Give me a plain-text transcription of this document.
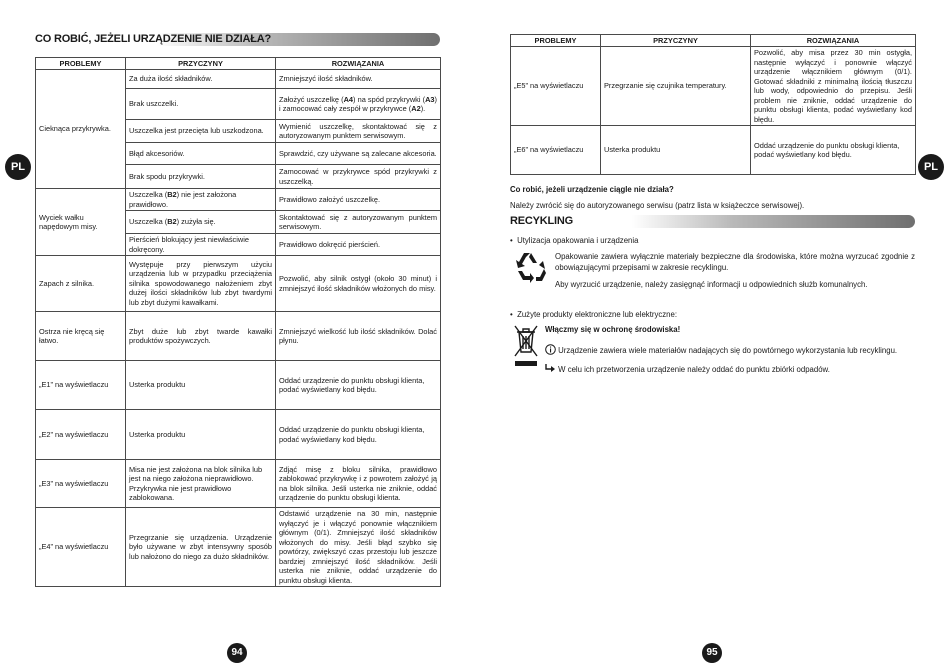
CO ROBIĆ, JEŻELI URZĄDZENIE NIE DZIAŁA?
PROBLEMY	PRZYCZYNY	ROZWIĄZANIA
Cieknąca przykrywka.	Za duża ilość składników.	Zmniejszyć ilość składników.
	Brak uszczelki.	Założyć uszczelkę (A4) na spód przykrywki (A3) i zamocować cały zespół w przykrywce (A2).
	Uszczelka jest przecięta lub uszkodzona.	Wymienić uszczelkę, skontaktować się z autoryzowanym punktem serwisowym.
	Błąd akcesoriów.	Sprawdzić, czy używane są zalecane akcesoria.
	Brak spodu przykrywki.	Zamocować w przykrywce spód przykrywki z uszczelką.
Wyciek wałku napędowym misy.	Uszczelka (B2) nie jest założona prawidłowo.	Prawidłowo założyć uszczelkę.
	Uszczelka (B2) zużyła się.	Skontaktować się z autoryzowanym punktem serwisowym.
	Pierścień blokujący jest niewłaściwie dokręcony.	Prawidłowo dokręcić pierścień.
Zapach z silnika.	Występuje przy pierwszym użyciu urządzenia lub w przypadku przeciążenia silnika spowodowanego nałożeniem zbyt dużej ilości składników lub zbyt twardymi lub zbyt dużymi kawałkami.	Pozwolić, aby silnik ostygł (około 30 minut) i zmniejszyć ilość składników włożonych do misy.
Ostrza nie kręcą się łatwo.	Zbyt duże lub zbyt twarde kawałki produktów spożywczych.	Zmniejszyć wielkość lub ilość składników. Dolać płynu.
„E1” na wyświetlaczu	Usterka produktu	Oddać urządzenie do punktu obsługi klienta, podać wyświetlany kod błędu.
„E2” na wyświetlaczu	Usterka produktu	Oddać urządzenie do punktu obsługi klienta, podać wyświetlany kod błędu.
„E3” na wyświetlaczu	Misa nie jest założona na blok silnika lub jest na niego założona nieprawidłowo. Przykrywka nie jest prawidłowo zablokowana.	Zdjąć misę z bloku silnika, prawidłowo zablokować przykrywkę i z powrotem założyć ją na blok silnika. Jeśli usterka nie zniknie, oddać urządzenie do punktu obsługi klienta.
„E4” na wyświetlaczu	Przegrzanie się urządzenia. Urządzenie było używane w zbyt intensywny sposób lub nałożono do niego za dużo składników.	Odstawić urządzenie na 30 min, następnie wyłączyć je i włączyć ponownie włącznikiem głównym (0/1). Zmniejszyć ilość składników włożonych do misy. Jeśli błąd szybko się powtórzy, zwiększyć czas przestoju lub jeszcze bardziej zmniejszyć ilość składników. Jeśli usterka nie zniknie, oddać urządzenie do punktu obsługi klienta.
PL
94
PROBLEMY	PRZYCZYNY	ROZWIĄZANIA
„E5” na wyświetlaczu	Przegrzanie się czujnika temperatury.	Pozwolić, aby misa przez 30 min ostygła, następnie wyłączyć i ponownie włączyć urządzenie włącznikiem głównym (0/1). Gotować składniki z minimalną ilością tłuszczu lub wody, odpowiednio do przepisu. Jeśli problem nie zniknie, oddać urządzenie do punktu obsługi klienta, podać wyświetlany kod błędu.
„E6” na wyświetlaczu	Usterka produktu	Oddać urządzenie do punktu obsługi klienta, podać wyświetlany kod błędu.
Co robić, jeżeli urządzenie ciągle nie działa?
Należy zwrócić się do autoryzowanego serwisu (patrz lista w książeczce serwisowej).
RECYKLING
• Utylizacja opakowania i urządzenia
Opakowanie zawiera wyłącznie materiały bezpieczne dla środowiska, które można wyrzucać zgodnie z obowiązującymi przepisami w zakresie recyklingu.
Aby wyrzucić urządzenie, należy zasięgnąć informacji u odpowiednich służb komunalnych.
• Zużyte produkty elektroniczne lub elektryczne:
Włączmy się w ochronę środowiska!
Urządzenie zawiera wiele materiałów nadających się do powtórnego wykorzystania lub recyklingu.
W celu ich przetworzenia urządzenie należy oddać do punktu zbiórki odpadów.
PL
95
